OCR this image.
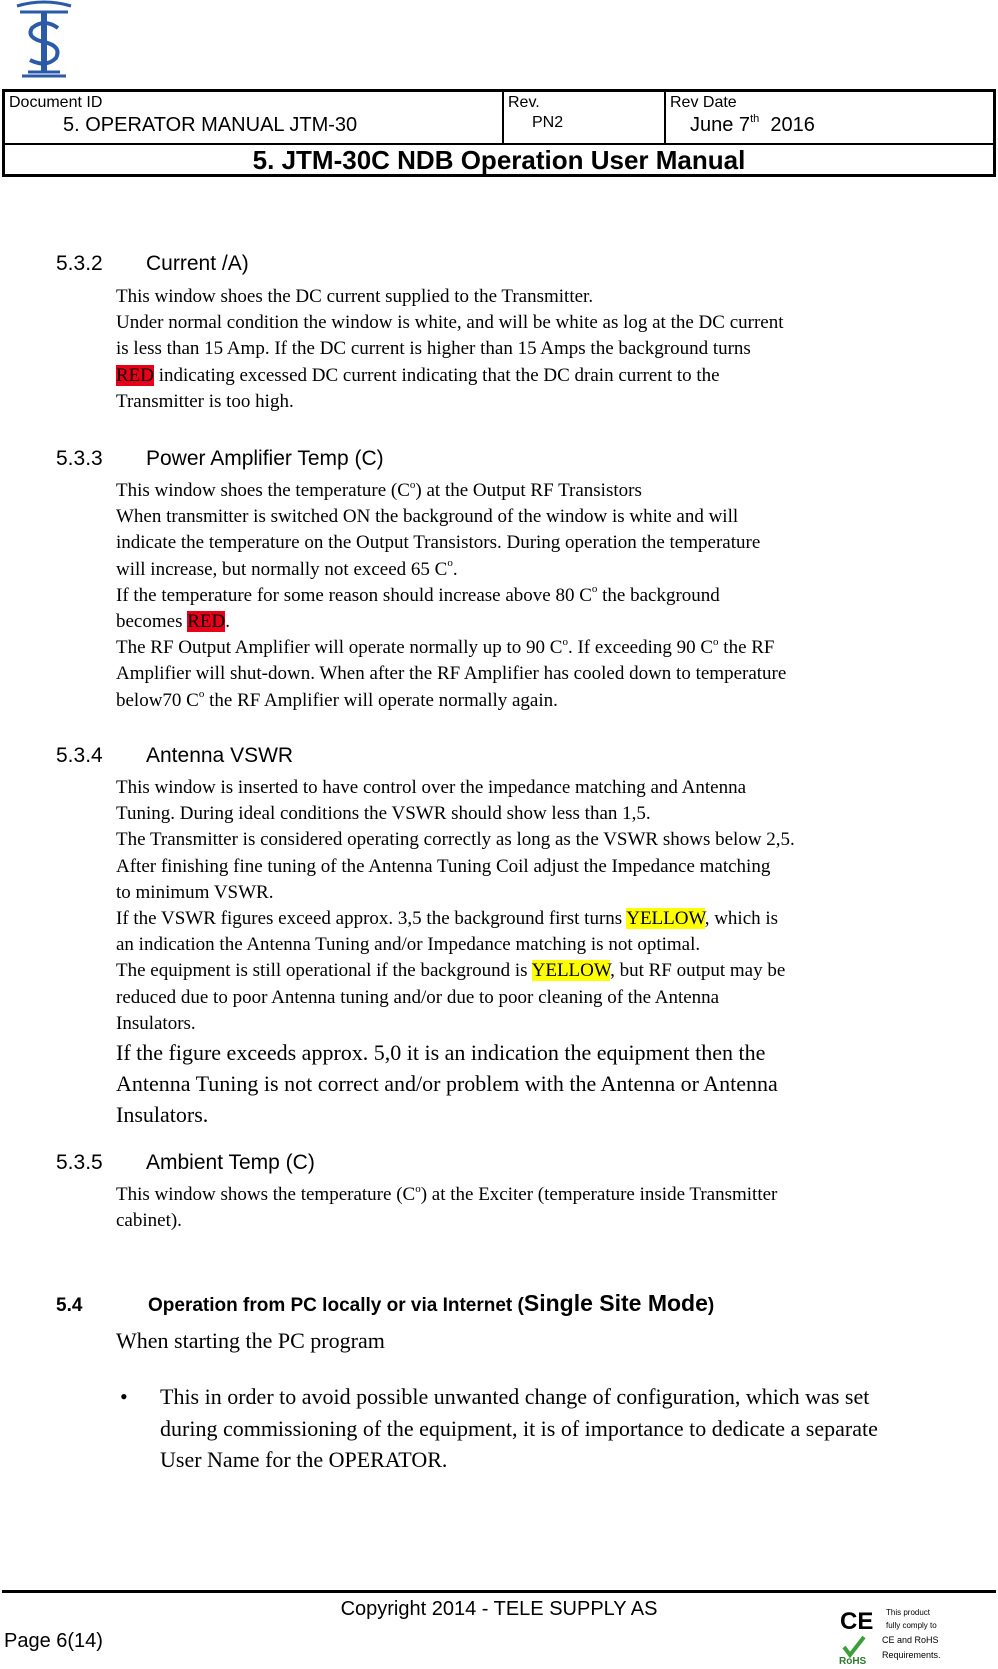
Document ID
5. OPERATOR MANUAL JTM-30
Rev.
PN2
Rev Date
June 7th 2016
5. JTM-30C NDB Operation User Manual
5.3.2 Current /A)
This window shoes the DC current supplied to the Transmitter.
Under normal condition the window is white, and will be white as log at the DC current
is less than 15 Amp. If the DC current is higher than 15 Amps the background turns
RED indicating excessed DC current indicating that the DC drain current to the
Transmitter is too high.
5.3.3 Power Amplifier Temp (C)
This window shoes the temperature $(C^o)$ at the Output RF Transistors
When transmitter is switched ON the background of the window is white and will
indicate the temperature on the Output Transistors. During operation the temperature
will increase, but normally not exceed 65 $C^o$.
If the temperature for some reason should increase above 80 $C^o$ the background
becomes RED.
The RF Output Amplifier will operate normally up to 90 $C^o$. If exceeding 90 $C^o$ the RF
Amplifier will shut-down. When after the RF Amplifier has cooled down to temperature
below70 $C^o$ the RF Amplifier will operate normally again.
5.3.4 Antenna VSWR
This window is inserted to have control over the impedance matching and Antenna
Tuning. During ideal conditions the VSWR should show less than 1,5.
The Transmitter is considered operating correctly as long as the VSWR shows below 2,5.
After finishing fine tuning of the Antenna Tuning Coil adjust the Impedance matching
to minimum VSWR.
If the VSWR figures exceed approx. 3,5 the background first turns YELLOW, which is
an indication the Antenna Tuning and/or Impedance matching is not optimal.
The equipment is still operational if the background is YELLOW, but RF output may be
reduced due to poor Antenna tuning and/or due to poor cleaning of the Antenna
Insulators.
If the figure exceeds approx. 5,0 it is an indication the equipment then the
Antenna Tuning is not correct and/or problem with the Antenna or Antenna
Insulators.
5.3.5 Ambient Temp (C)
This window shows the temperature $(C^o)$ at the Exciter (temperature inside Transmitter
cabinet).
5.4	Operation from PC locally or via Internet (Single Site Mode)
When starting the PC program
• This in order to avoid possible unwanted change of configuration, which was set
during commissioning of the equipment, it is of importance to dedicate a separate
User Name for the OPERATOR.
Copyright 2014 - TELE SUPPLY AS
Page 6(14)
CE
RoHS
This product
fully comply to
CE and RoHS
Requirements.
